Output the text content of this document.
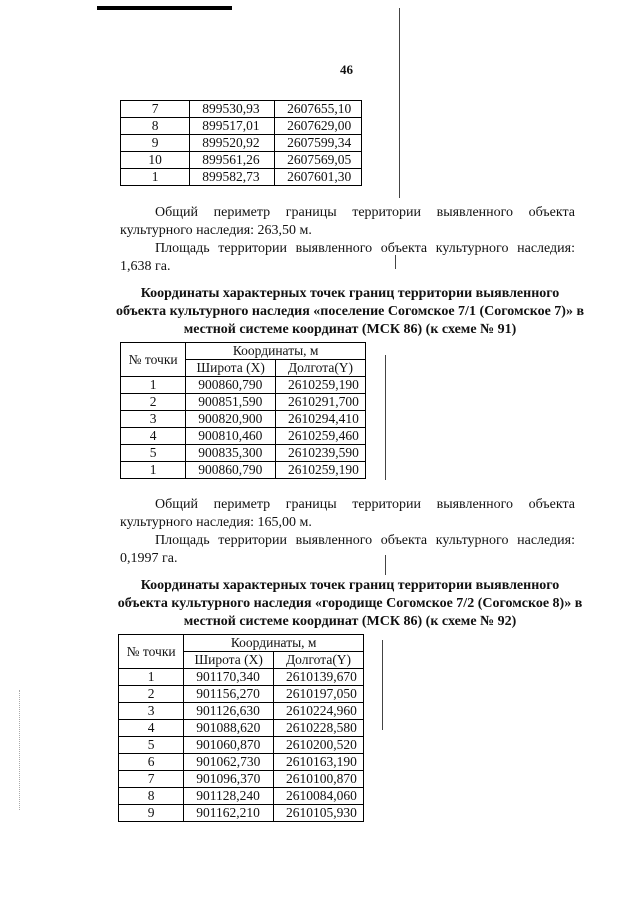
46
7	899530,93	2607655,10
8	899517,01	2607629,00
9	899520,92	2607599,34
10	899561,26	2607569,05
1	899582,73	2607601,30
Общий периметр границы территории выявленного объекта культурного наследия: 263,50 м.
Площадь территории выявленного объекта культурного наследия: 1,638 га.
Координаты характерных точек границ территории выявленного объекта культурного наследия «поселение Согомское 7/1 (Согомское 7)» в местной системе координат (МСК 86) (к схеме № 91)
№ точки	Координаты, м	
	Широта (X)	Долгота(Y)
1	900860,790	2610259,190
2	900851,590	2610291,700
3	900820,900	2610294,410
4	900810,460	2610259,460
5	900835,300	2610239,590
1	900860,790	2610259,190
Общий периметр границы территории выявленного объекта культурного наследия: 165,00 м.
Площадь территории выявленного объекта культурного наследия: 0,1997 га.
Координаты характерных точек границ территории выявленного объекта культурного наследия «городище Согомское 7/2 (Согомское 8)» в местной системе координат (МСК 86) (к схеме № 92)
№ точки	Координаты, м	
	Широта (X)	Долгота(Y)
1	901170,340	2610139,670
2	901156,270	2610197,050
3	901126,630	2610224,960
4	901088,620	2610228,580
5	901060,870	2610200,520
6	901062,730	2610163,190
7	901096,370	2610100,870
8	901128,240	2610084,060
9	901162,210	2610105,930
